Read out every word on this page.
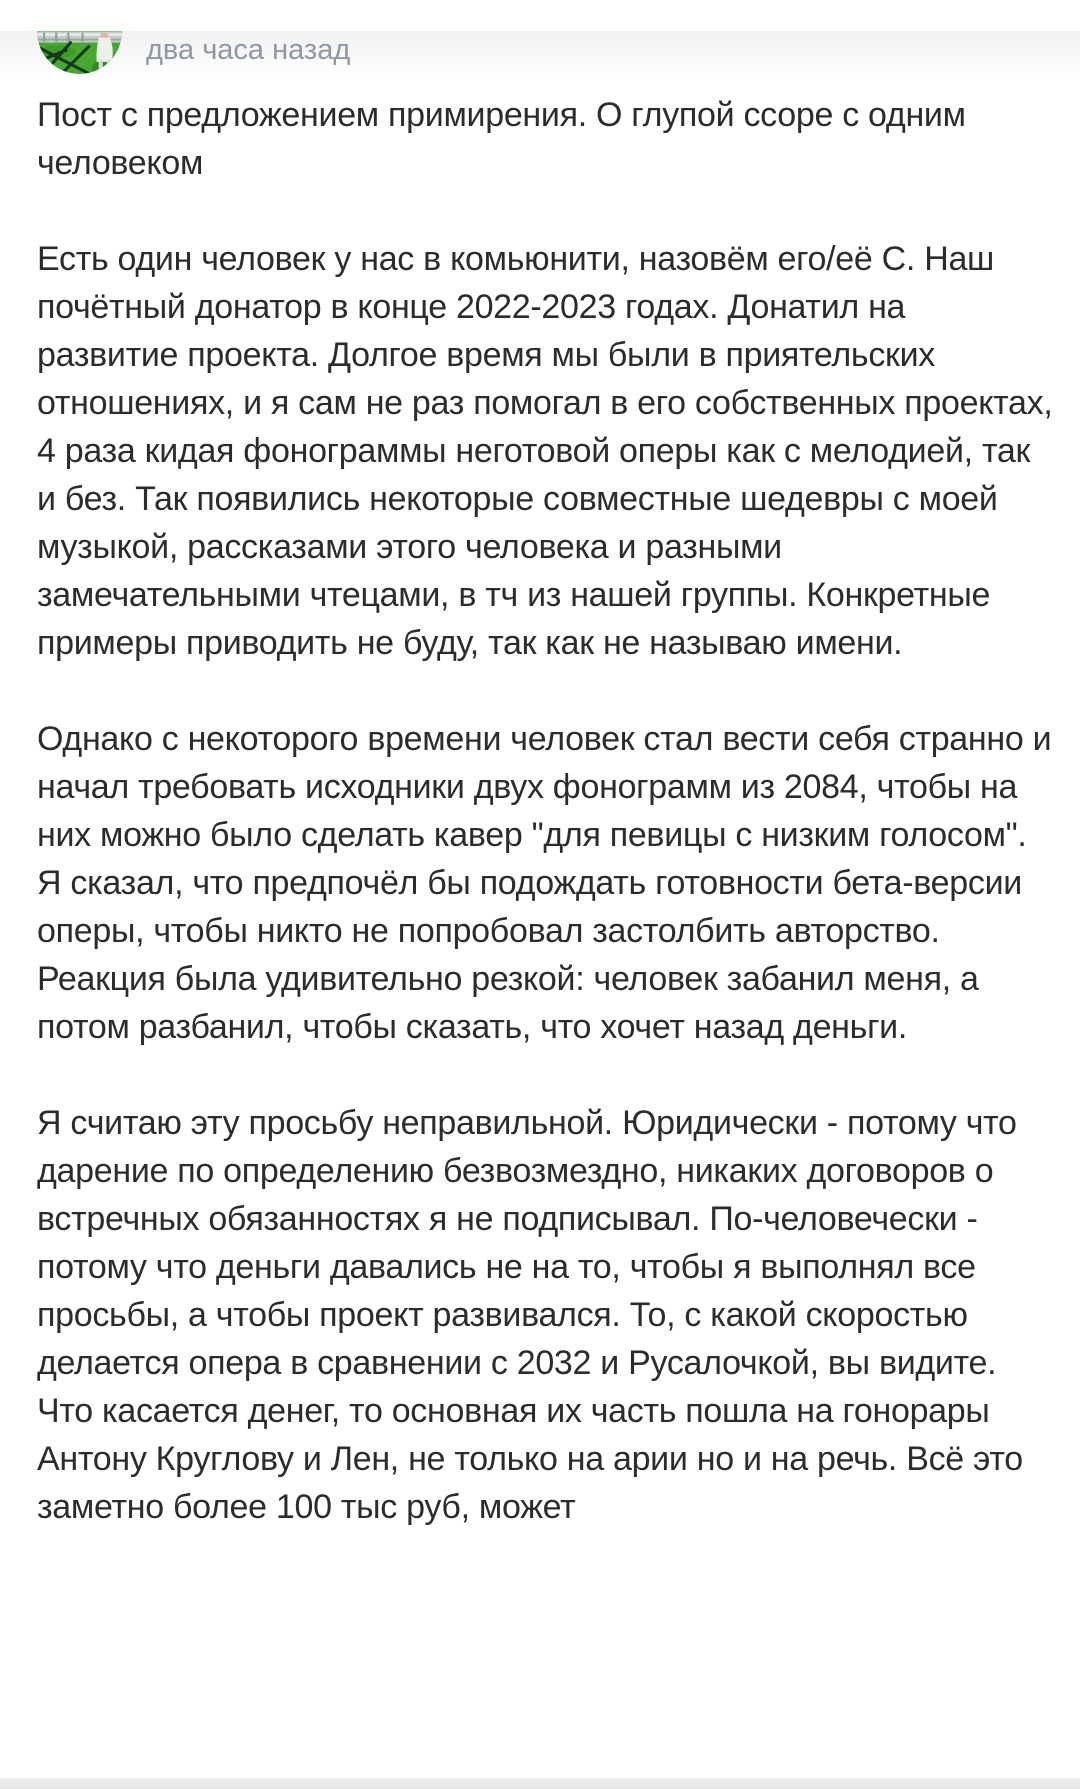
два часа назад

Пост с предложением примирения. О глупой ссоре с одним человеком

Есть один человек у нас в комьюнити, назовём его/её С. Наш почётный донатор в конце 2022-2023 годах. Донатил на развитие проекта. Долгое время мы были в приятельских отношениях, и я сам не раз помогал в его собственных проектах, 4 раза кидая фонограммы неготовой оперы как с мелодией, так и без. Так появились некоторые совместные шедевры с моей музыкой, рассказами этого человека и разными замечательными чтецами, в тч из нашей группы. Конкретные примеры приводить не буду, так как не называю имени.

Однако с некоторого времени человек стал вести себя странно и начал требовать исходники двух фонограмм из 2084, чтобы на них можно было сделать кавер "для певицы с низким голосом". Я сказал, что предпочёл бы подождать готовности бета-версии оперы, чтобы никто не попробовал застолбить авторство. Реакция была удивительно резкой: человек забанил меня, а потом разбанил, чтобы сказать, что хочет назад деньги.

Я считаю эту просьбу неправильной. Юридически - потому что дарение по определению безвозмездно, никаких договоров о встречных обязанностях я не подписывал. По-человечески - потому что деньги давались не на то, чтобы я выполнял все просьбы, а чтобы проект развивался. То, с какой скоростью делается опера в сравнении с 2032 и Русалочкой, вы видите. Что касается денег, то основная их часть пошла на гонорары Антону Круглову и Лен, не только на арии но и на речь. Всё это заметно более 100 тыс руб, может
